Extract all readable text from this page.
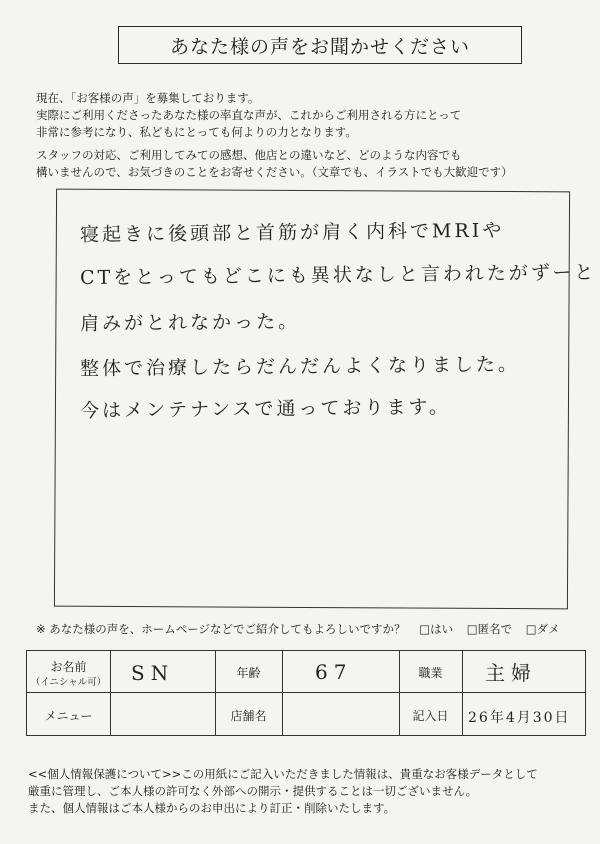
あなた様の声をお聞かせください
現在、「お客様の声」を募集しております。
実際にご利用くださったあなた様の率直な声が、これからご利用される方にとって
非常に参考になり、私どもにとっても何よりの力となります。
スタッフの対応、ご利用してみての感想、他店との違いなど、どのような内容でも
構いませんので、お気づきのことをお寄せください。（文章でも、イラストでも大歓迎です）
寝起きに後頭部と首筋が肩く内科でMRIや
CTをとってもどこにも異状なしと言われたがずーと
肩みがとれなかった。
整体で治療したらだんだんよくなりました。
今はメンテナンスで通っております。
※ あなた様の声を、ホームページなどでご紹介してもよろしいですか？ □はい □匿名で □ダメ
お名前
（イニシャル可） SN	年齢	67	職業	主婦
メニュー	店舗名	記入日	26年4月30日
<<個人情報保護について>>この用紙にご記入いただきました情報は、貴重なお客様データとして
厳重に管理し、ご本人様の許可なく外部への開示・提供することは一切ございません。
また、個人情報はご本人様からのお申出により訂正・削除いたします。
